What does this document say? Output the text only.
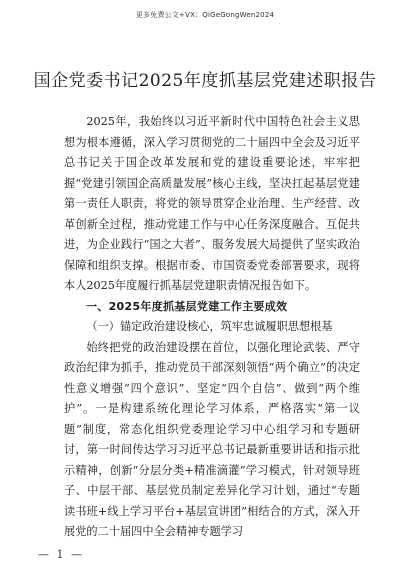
更多免费公文+VX：QiGeGongWen2024
国企党委书记2025年度抓基层党建述职报告

2025年，我始终以习近平新时代中国特色社会主义思想为根本遵循，深入学习贯彻党的二十届四中全会及习近平总书记关于国企改革发展和党的建设重要论述，牢牢把握“党建引领国企高质量发展”核心主线，坚决扛起基层党建第一责任人职责，将党的领导贯穿企业治理、生产经营、改革创新全过程，推动党建工作与中心任务深度融合、互促共进，为企业践行“国之大者”、服务发展大局提供了坚实政治保障和组织支撑。根据市委、市国资委党委部署要求，现将本人2025年度履行抓基层党建职责情况报告如下。

一、2025年度抓基层党建工作主要成效

（一）锚定政治建设核心，筑牢忠诚履职思想根基

始终把党的政治建设摆在首位，以强化理论武装、严守政治纪律为抓手，推动党员干部深刻领悟“两个确立”的决定性意义增强“四个意识”、坚定“四个自信”、做到“两个维护”。一是构建系统化理论学习体系，严格落实“第一议题”制度，常态化组织党委理论学习中心组学习和专题研讨，第一时间传达学习习近平总书记最新重要讲话和指示批示精神，创新“分层分类+精准滴灌”学习模式，针对领导班子、中层干部、基层党员制定差异化学习计划，通过“专题读书班+线上学习平台+基层宣讲团”相结合的方式，深入开展党的二十届四中全会精神专题学习

— 1 —
